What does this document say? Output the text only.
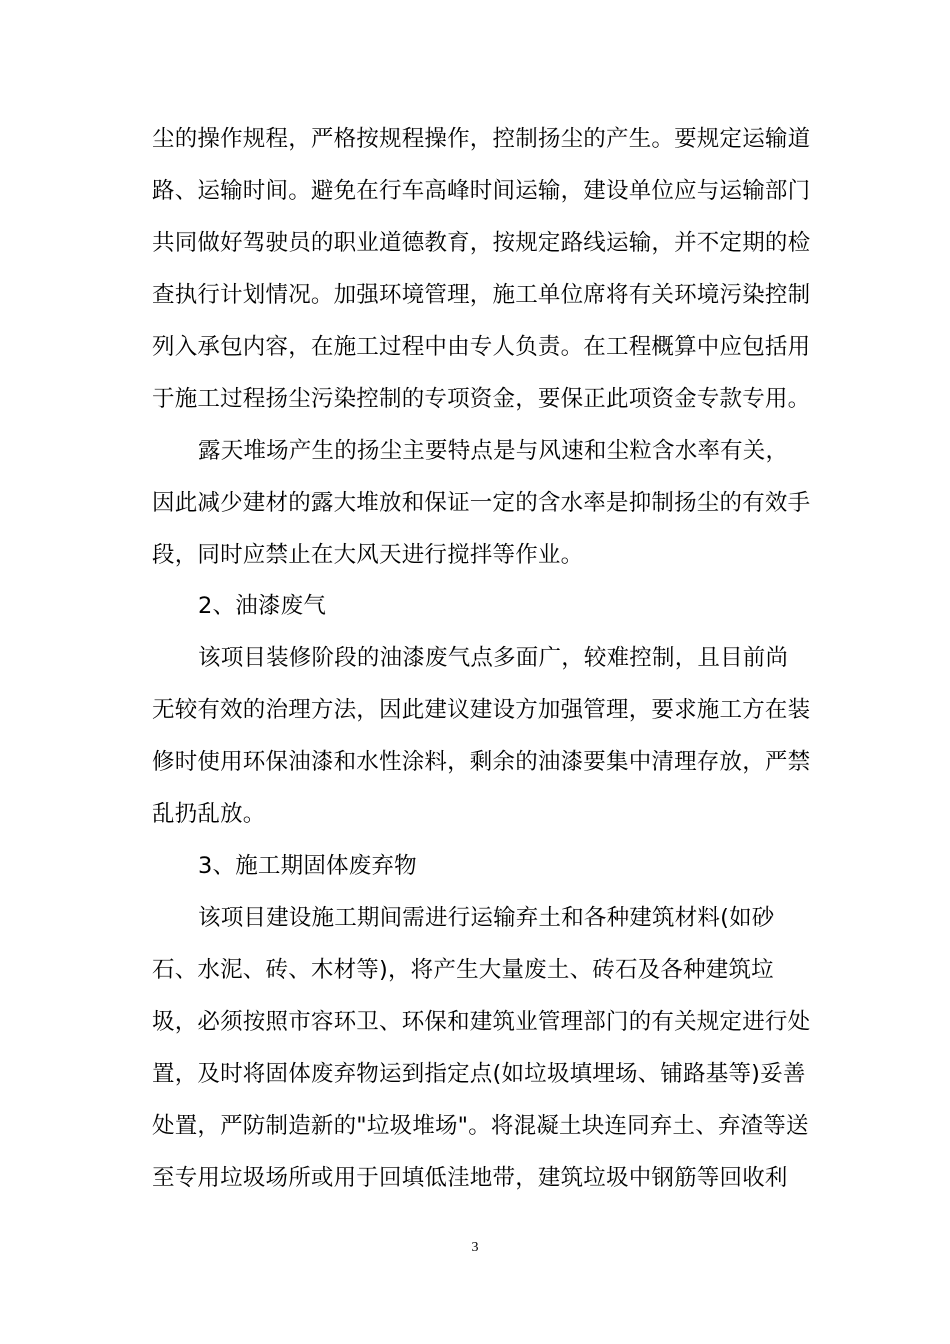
尘的操作规程，严格按规程操作，控制扬尘的产生。要规定运输道
路、运输时间。避免在行车高峰时间运输，建设单位应与运输部门
共同做好驾驶员的职业道德教育，按规定路线运输，并不定期的检
查执行计划情况。加强环境管理，施工单位席将有关环境污染控制
列入承包内容，在施工过程中由专人负责。在工程概算中应包括用
于施工过程扬尘污染控制的专项资金，要保正此项资金专款专用。
露天堆场产生的扬尘主要特点是与风速和尘粒含水率有关，
因此减少建材的露大堆放和保证一定的含水率是抑制扬尘的有效手
段，同时应禁止在大风天进行搅拌等作业。
2、油漆废气
该项目装修阶段的油漆废气点多面广，较难控制，且目前尚
无较有效的治理方法，因此建议建设方加强管理，要求施工方在装
修时使用环保油漆和水性涂料，剩余的油漆要集中清理存放，严禁
乱扔乱放。
3、施工期固体废弃物
该项目建设施工期间需进行运输弃土和各种建筑材料(如砂
石、水泥、砖、木材等)，将产生大量废土、砖石及各种建筑垃
圾，必须按照市容环卫、环保和建筑业管理部门的有关规定进行处
置，及时将固体废弃物运到指定点(如垃圾填埋场、铺路基等)妥善
处置，严防制造新的"垃圾堆场"。将混凝土块连同弃土、弃渣等送
至专用垃圾场所或用于回填低洼地带，建筑垃圾中钢筋等回收利
3
